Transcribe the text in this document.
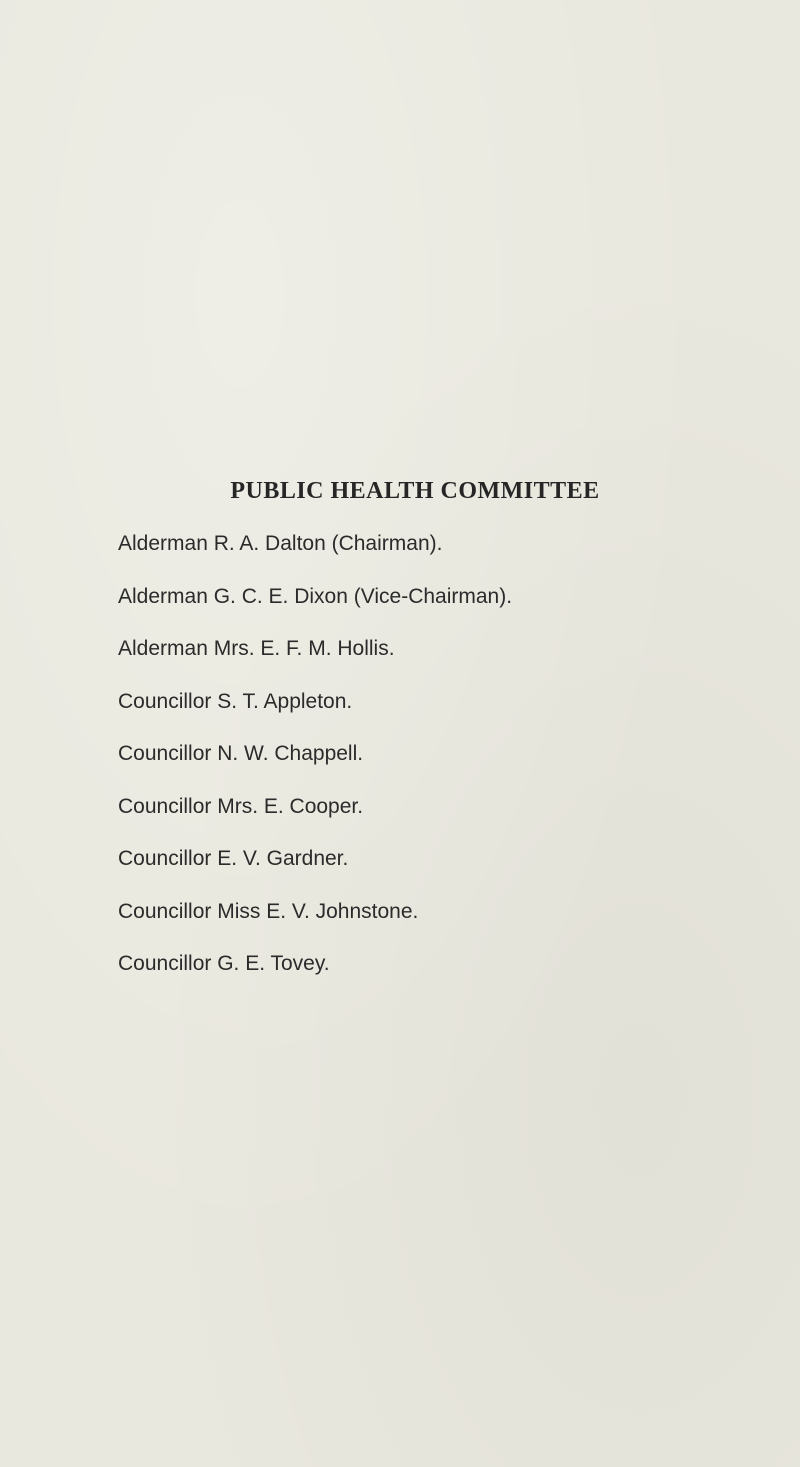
PUBLIC HEALTH COMMITTEE
Alderman R. A. Dalton (Chairman).
Alderman G. C. E. Dixon (Vice-Chairman).
Alderman Mrs. E. F. M. Hollis.
Councillor S. T. Appleton.
Councillor N. W. Chappell.
Councillor Mrs. E. Cooper.
Councillor E. V. Gardner.
Councillor Miss E. V. Johnstone.
Councillor G. E. Tovey.
